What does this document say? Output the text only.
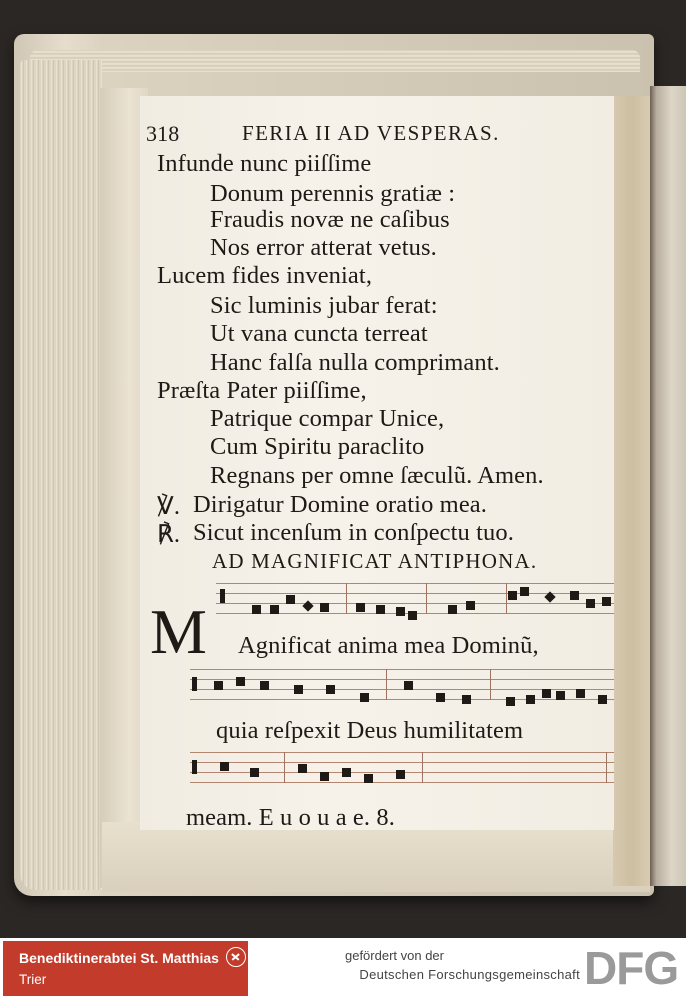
318	FERIA II AD VESPERAS.
Infunde nunc piiſſime
Donum perennis gratiæ :
Fraudis novæ ne caſibus
Nos error atterat vetus.
Lucem fides inveniat,
Sic luminis jubar ferat:
Ut vana cuncta terreat
Hanc falſa nulla comprimant.
Præſta Pater piiſſime,
Patrique compar Unice,
Cum Spiritu paraclito
Regnans per omne ſæculũ. Amen.
℣. Dirigatur Domine oratio mea.
℟. Sicut incenſum in conſpectu tuo.
AD MAGNIFICAT ANTIPHONA.
M Agnificat anima mea Dominũ,
quia reſpexit Deus humilitatem
meam. E u o u a e. 8.
Benediktinerabtei St. Matthias
Trier
gefördert von der
Deutschen Forschungsgemeinschaft DFG
